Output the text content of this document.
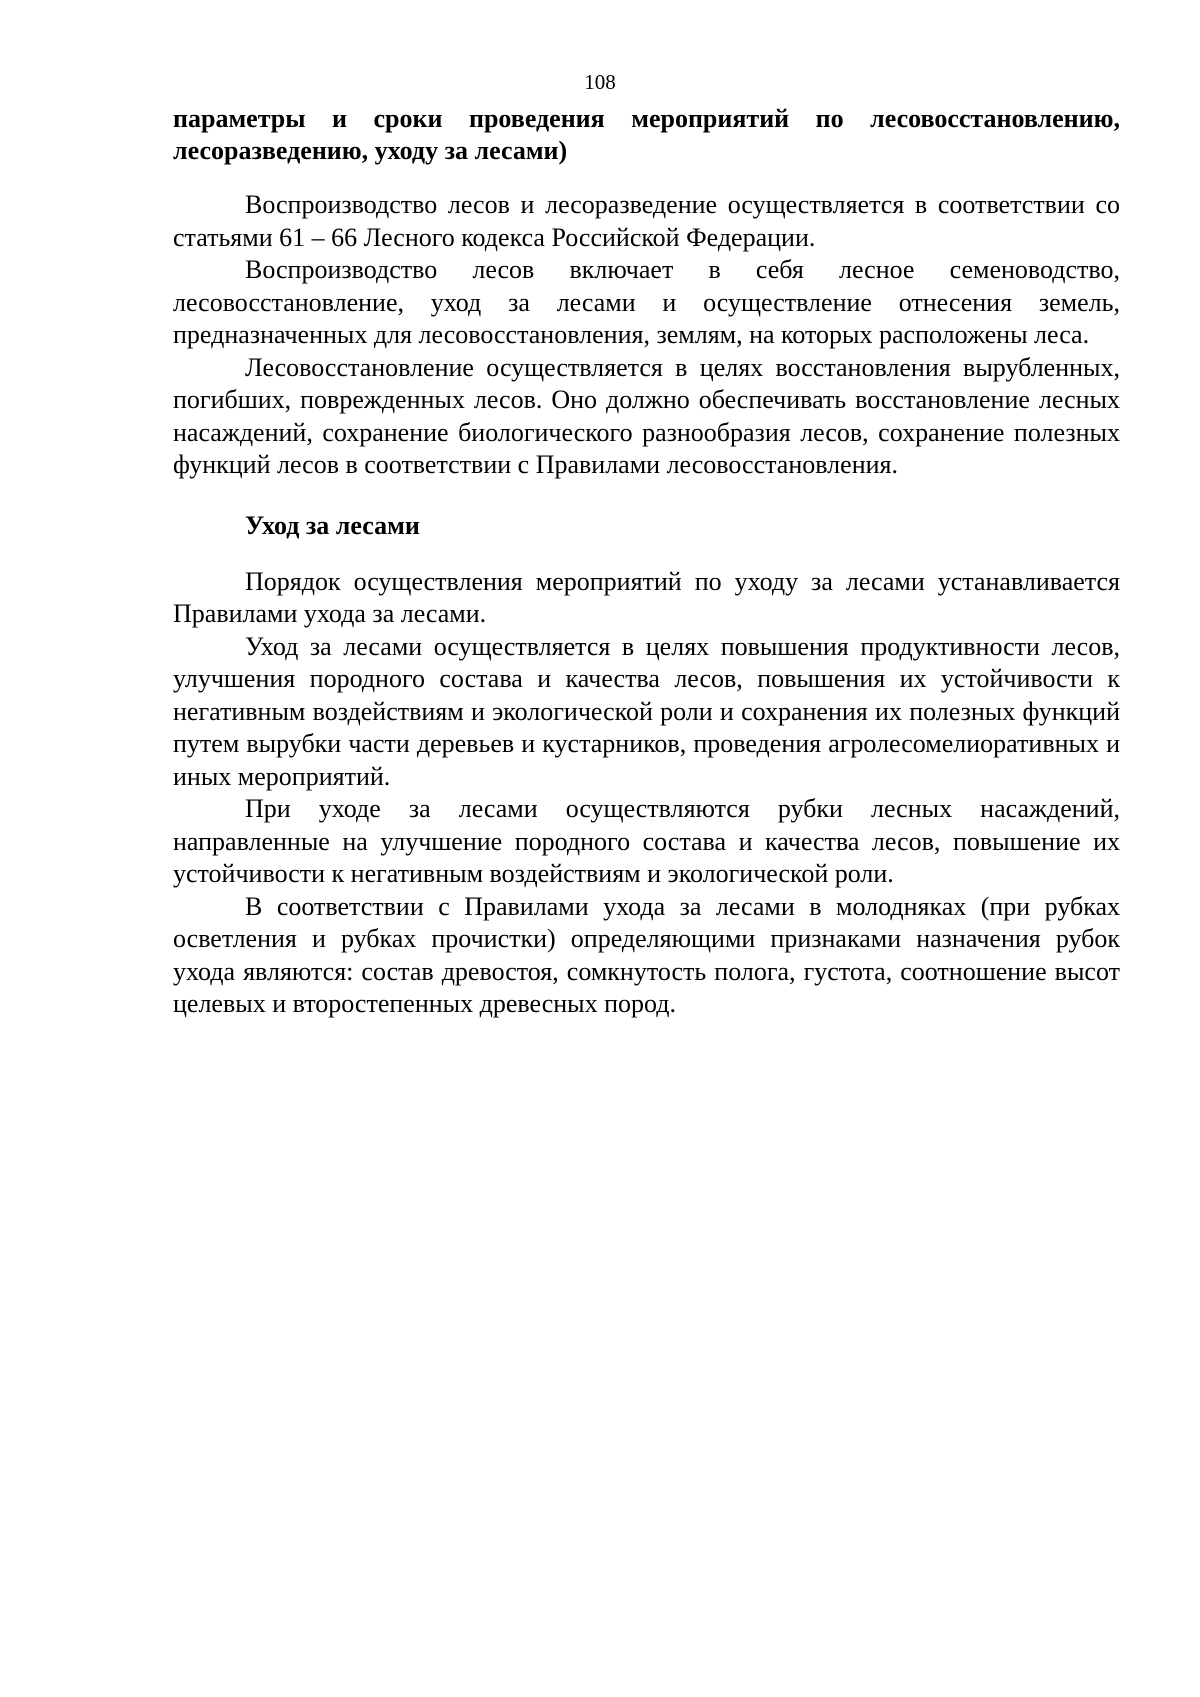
108

параметры и сроки проведения мероприятий по лесовосстановлению, лесоразведению, уходу за лесами)

Воспроизводство лесов и лесоразведение осуществляется в соответствии со статьями 61 – 66 Лесного кодекса Российской Федерации.

Воспроизводство лесов включает в себя лесное семеноводство, лесовосстановление, уход за лесами и осуществление отнесения земель, предназначенных для лесовосстановления, землям, на которых расположены леса.

Лесовосстановление осуществляется в целях восстановления вырубленных, погибших, поврежденных лесов. Оно должно обеспечивать восстановление лесных насаждений, сохранение биологического разнообразия лесов, сохранение полезных функций лесов в соответствии с Правилами лесовосстановления.

Уход за лесами

Порядок осуществления мероприятий по уходу за лесами устанавливается Правилами ухода за лесами.

Уход за лесами осуществляется в целях повышения продуктивности лесов, улучшения породного состава и качества лесов, повышения их устойчивости к негативным воздействиям и экологической роли и сохранения их полезных функций путем вырубки части деревьев и кустарников, проведения агролесомелиоративных и иных мероприятий.

При уходе за лесами осуществляются рубки лесных насаждений, направленные на улучшение породного состава и качества лесов, повышение их устойчивости к негативным воздействиям и экологической роли.

В соответствии с Правилами ухода за лесами в молодняках (при рубках осветления и рубках прочистки) определяющими признаками назначения рубок ухода являются: состав древостоя, сомкнутость полога, густота, соотношение высот целевых и второстепенных древесных пород.
